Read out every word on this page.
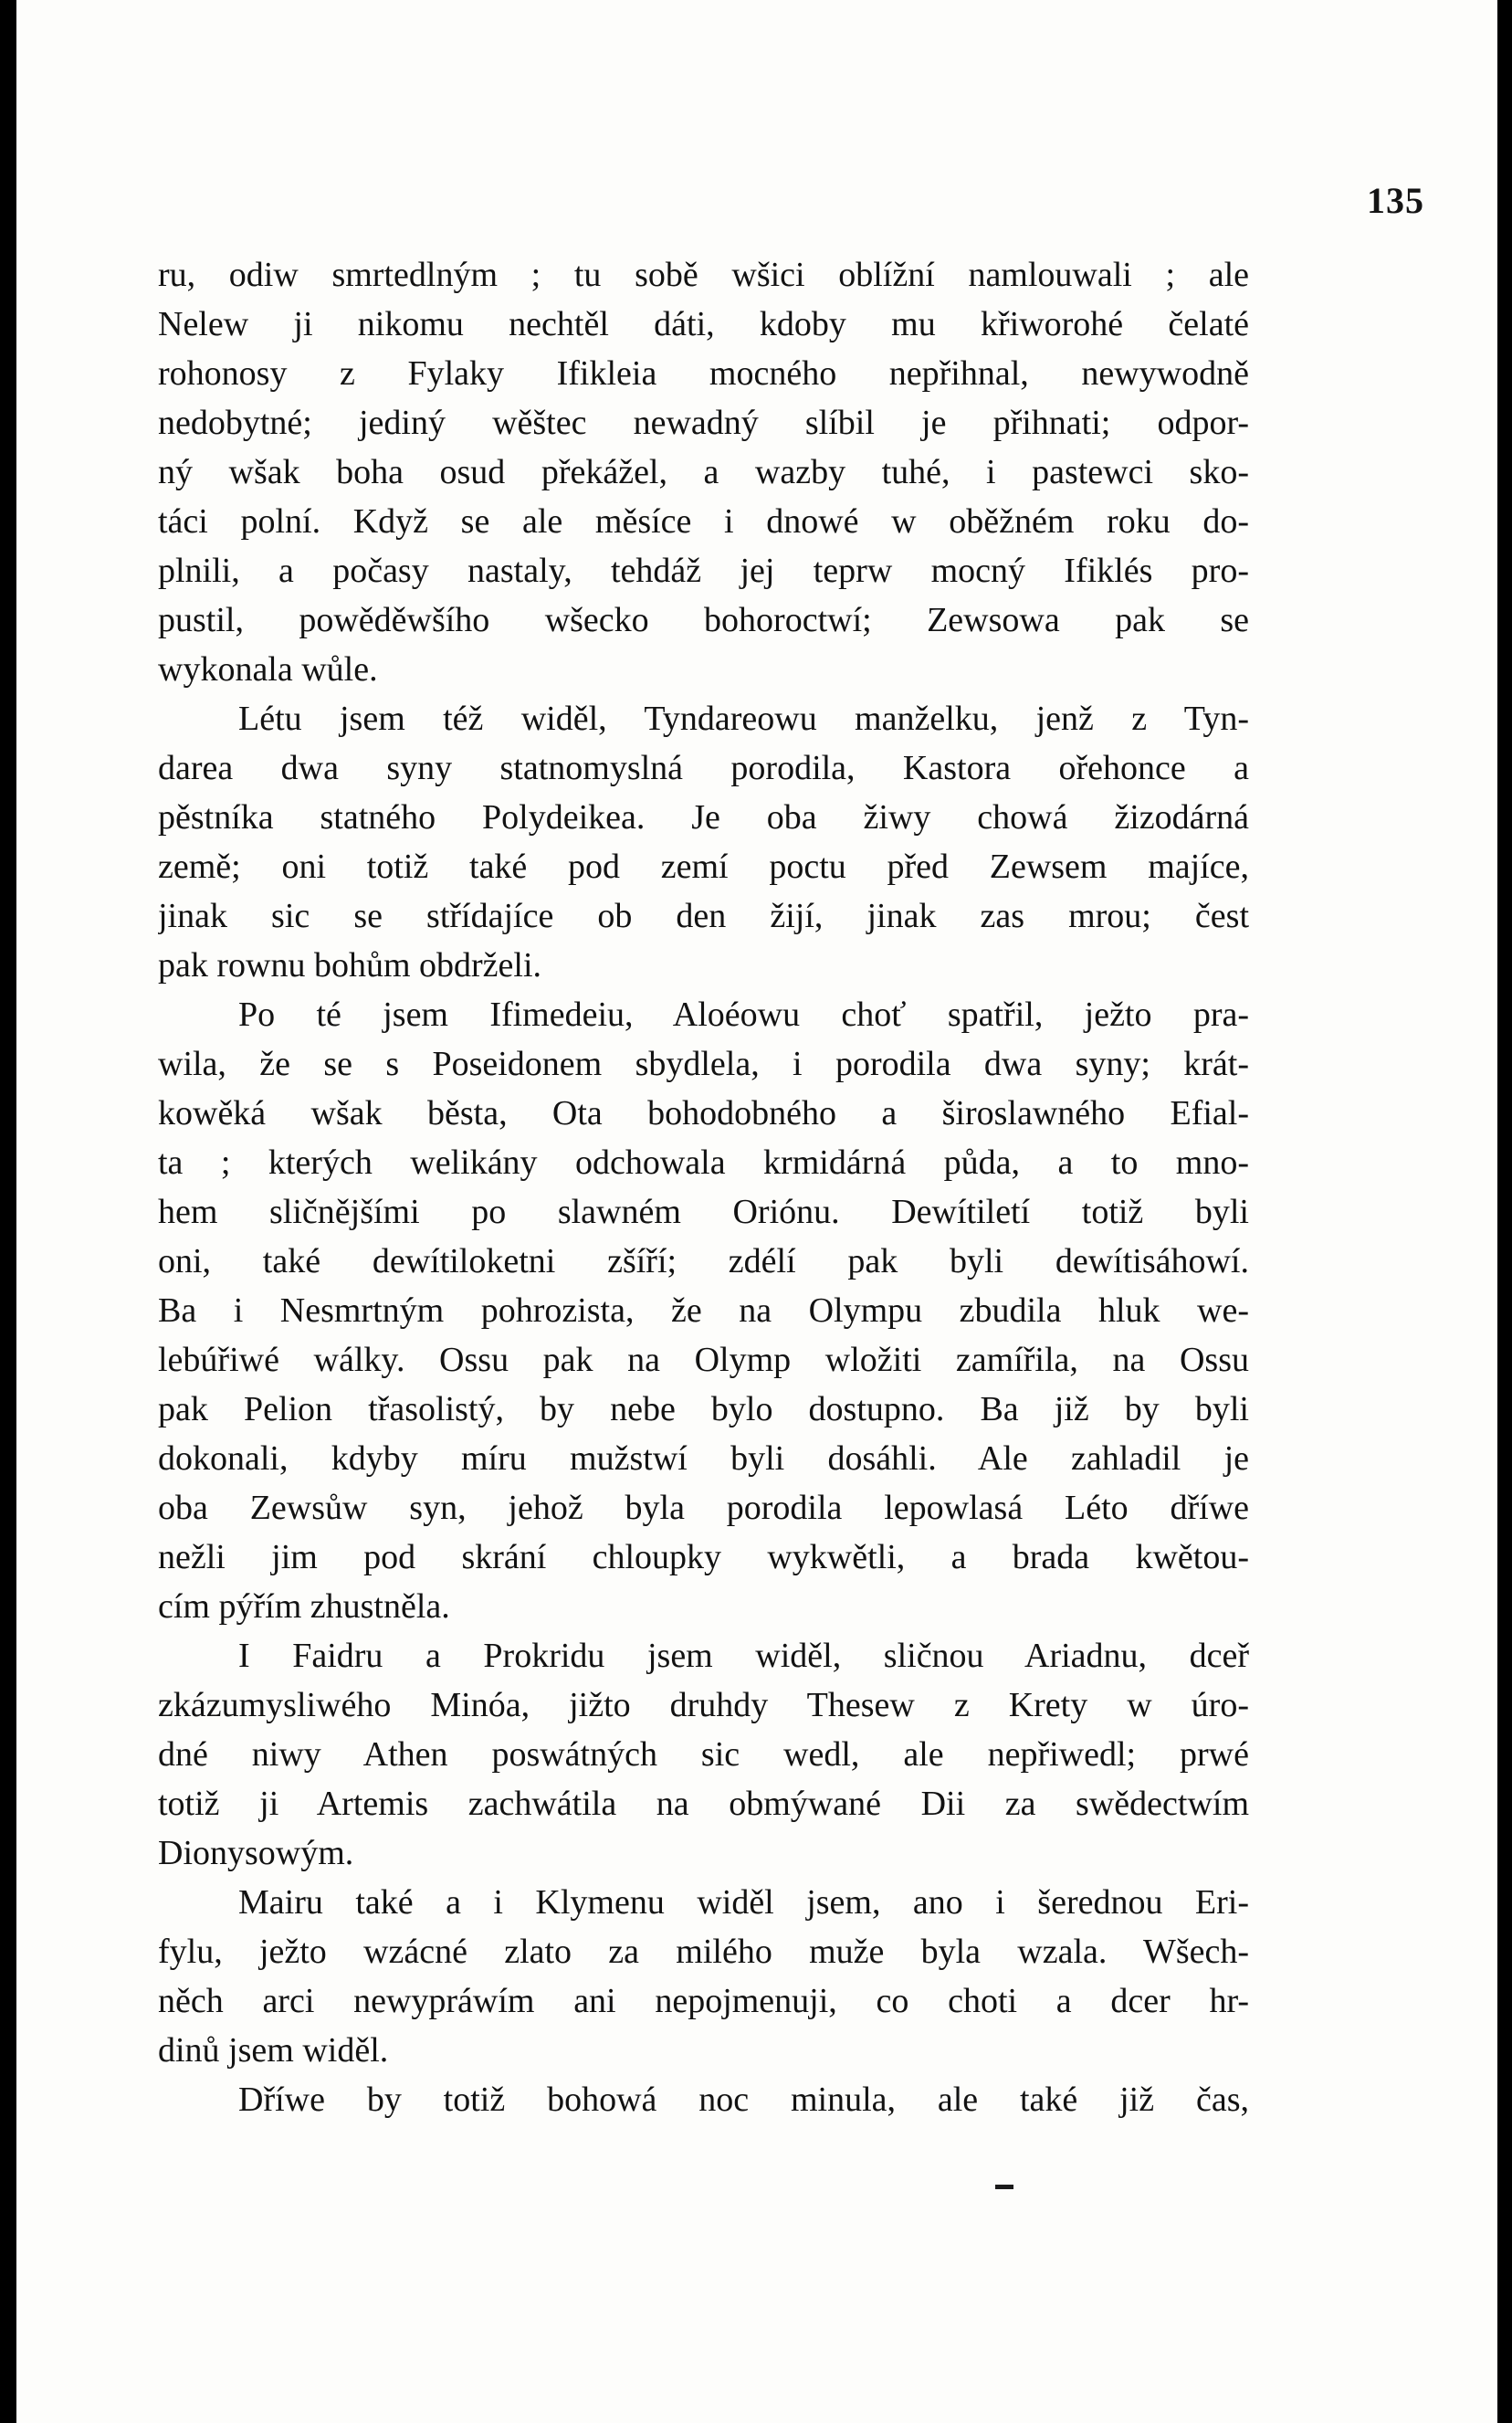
135

ru, odiw smrtedlným ; tu sobě wšici oblížní namlouwali ; ale
Nelew ji nikomu nechtěl dáti, kdoby mu křiworohé čelaté
rohonosy z Fylaky Ifikleia mocného nepřihnal, newywodně
nedobytné; jediný wěštec newadný slíbil je přihnati; odpor-
ný wšak boha osud překážel, a wazby tuhé, i pastewci sko-
táci polní. Když se ale měsíce i dnowé w oběžném roku do-
plnili, a počasy nastaly, tehdáž jej teprw mocný Ifiklés pro-
pustil, powěděwšího wšecko bohoroctwí; Zewsowa pak se
wykonala wůle.

Létu jsem též widěl, Tyndareowu manželku, jenž z Tyn-
darea dwa syny statnomyslná porodila, Kastora ořehonce a
pěstníka statného Polydeikea. Je oba žiwy chowá žizodárná
země; oni totiž také pod zemí poctu před Zewsem majíce,
jinak sic se střídajíce ob den žijí, jinak zas mrou; čest
pak rownu bohům obdrželi.

Po té jsem Ifimedeiu, Aloéowu choť spatřil, ježto pra-
wila, že se s Poseidonem sbydlela, i porodila dwa syny; krát-
kowěká wšak běsta, Ota bohodobného a široslawného Efial-
ta ; kterých welikány odchowala krmidárná půda, a to mno-
hem sličnějšími po slawném Oriónu. Dewítiletí totiž byli
oni, také dewítiloketni zšíří; zdélí pak byli dewítisáhowí.
Ba i Nesmrtným pohrozista, že na Olympu zbudila hluk we-
lebúřiwé wálky. Ossu pak na Olymp wložiti zamířila, na Ossu
pak Pelion třasolistý, by nebe bylo dostupno. Ba již by byli
dokonali, kdyby míru mužstwí byli dosáhli. Ale zahladil je
oba Zewsůw syn, jehož byla porodila lepowlasá Léto dříwe
nežli jim pod skrání chloupky wykwětli, a brada kwětou-
cím pýřím zhustněla.

I Faidru a Prokridu jsem widěl, sličnou Ariadnu, dceř
zkázumysliwého Minóa, jižto druhdy Thesew z Krety w úro-
dné niwy Athen poswátných sic wedl, ale nepřiwedl; prwé
totiž ji Artemis zachwátila na obmýwané Dii za swědectwím
Dionysowým.

Mairu také a i Klymenu widěl jsem, ano i šerednou Eri-
fylu, ježto wzácné zlato za milého muže byla wzala. Wšech-
něch arci newypráwím ani nepojmenuji, co choti a dcer hr-
dinů jsem widěl.

Dříwe by totiž bohowá noc minula, ale také již čas,
